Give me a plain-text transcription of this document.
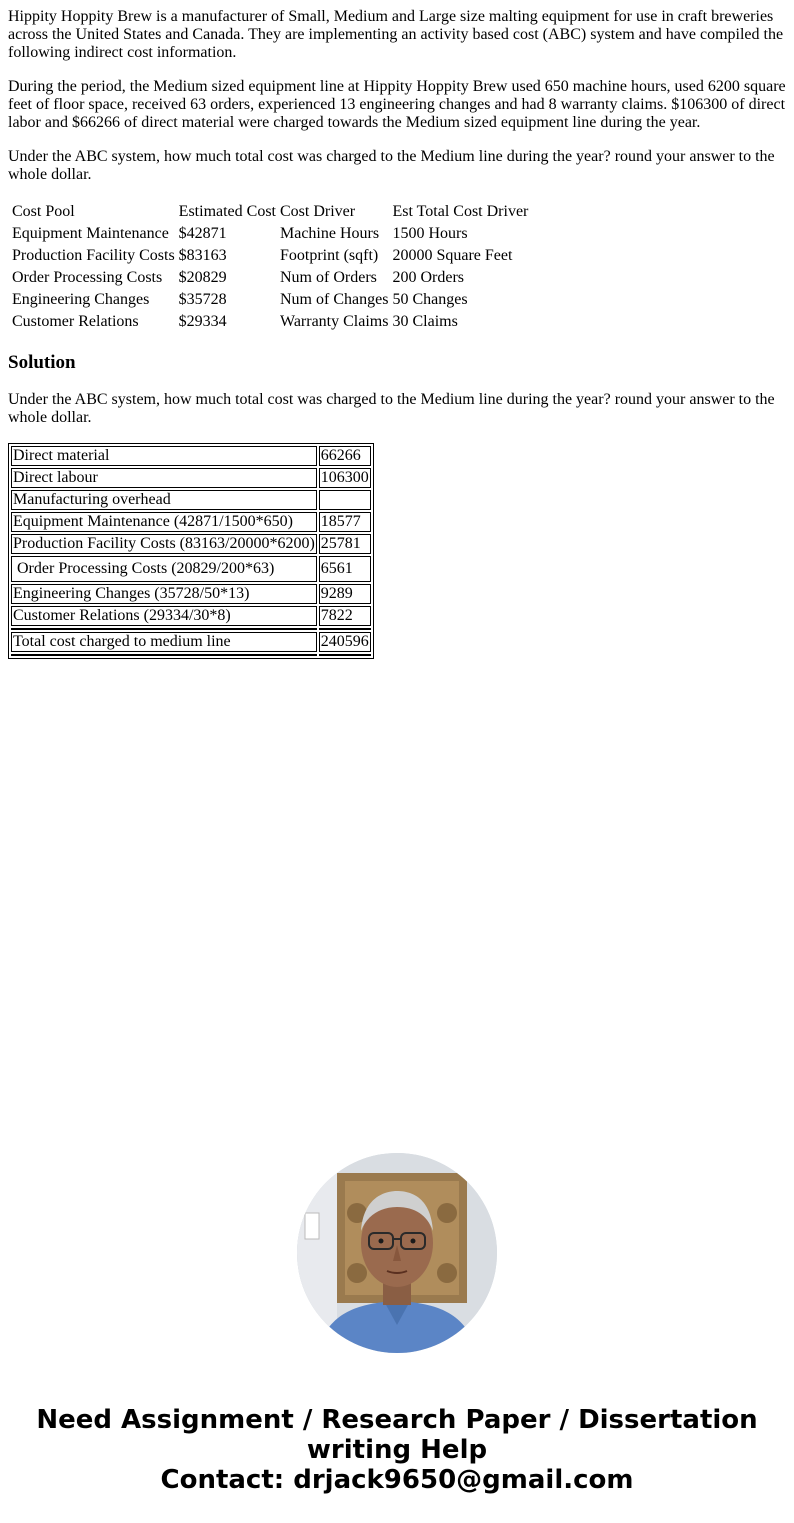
Hippity Hoppity Brew is a manufacturer of Small, Medium and Large size malting equipment for use in craft breweries across the United States and Canada. They are implementing an activity based cost (ABC) system and have compiled the following indirect cost information.

During the period, the Medium sized equipment line at Hippity Hoppity Brew used 650 machine hours, used 6200 square feet of floor space, received 63 orders, experienced 13 engineering changes and had 8 warranty claims. $106300 of direct labor and $66266 of direct material were charged towards the Medium sized equipment line during the year.

Under the ABC system, how much total cost was charged to the Medium line during the year? round your answer to the whole dollar.

Cost Pool	Estimated Cost	Cost Driver	Est Total Cost Driver
Equipment Maintenance	$42871	Machine Hours	1500 Hours
Production Facility Costs	$83163	Footprint (sqft)	20000 Square Feet
Order Processing Costs	$20829	Num of Orders	200 Orders
Engineering Changes	$35728	Num of Changes	50 Changes
Customer Relations	$29334	Warranty Claims	30 Claims
Solution

Under the ABC system, how much total cost was charged to the Medium line during the year? round your answer to the whole dollar.

Direct material	66266
Direct labour	106300
Manufacturing overhead	
Equipment Maintenance (42871/1500*650)	18577
Production Facility Costs (83163/20000*6200)	25781
Order Processing Costs (20829/200*63)	6561
Engineering Changes (35728/50*13)	9289
Customer Relations (29334/30*8)	7822

Total cost charged to medium line	240596

Need Assignment / Research Paper / Dissertation
writing Help
Contact: drjack9650@gmail.com
